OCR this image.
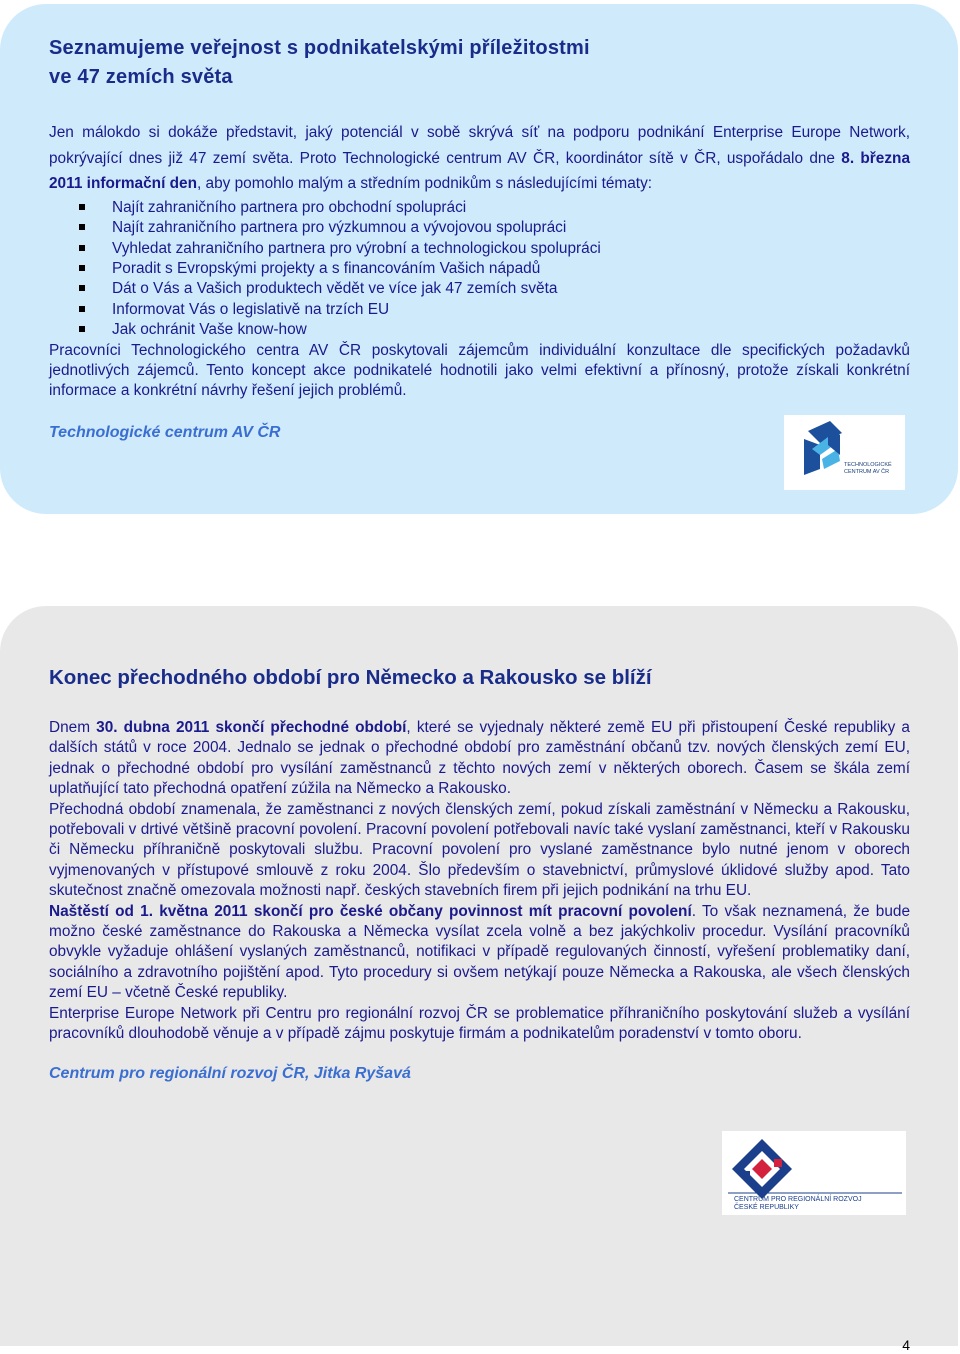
Seznamujeme veřejnost s podnikatelskými příležitostmi
ve 47 zemích světa

Jen málokdo si dokáže představit, jaký potenciál v sobě skrývá síť na podporu podnikání Enterprise Europe Network, pokrývající dnes již 47 zemí světa. Proto Technologické centrum AV ČR, koordinátor sítě v ČR, uspořádalo dne 8. března 2011 informační den, aby pomohlo malým a středním podnikům s následujícími tématy:

Najít zahraničního partnera pro obchodní spolupráci
Najít zahraničního partnera pro výzkumnou a vývojovou spolupráci
Vyhledat zahraničního partnera pro výrobní a technologickou spolupráci
Poradit s Evropskými projekty a s financováním Vašich nápadů
Dát o Vás a Vašich produktech vědět ve více jak 47 zemích světa
Informovat Vás o legislativě na trzích EU
Jak ochránit Vaše know-how

Pracovníci Technologického centra AV ČR poskytovali zájemcům individuální konzultace dle specifických požadavků jednotlivých zájemců. Tento koncept akce podnikatelé hodnotili jako velmi efektivní a přínosný, protože získali konkrétní informace a konkrétní návrhy řešení jejich problémů.

Technologické centrum AV ČR
TECHNOLOGICKÉ
CENTRUM AV ČR
Konec přechodného období pro Německo a Rakousko se blíží

Dnem 30. dubna 2011 skončí přechodné období, které se vyjednaly některé země EU při přistoupení České republiky a dalších států v roce 2004. Jednalo se jednak o přechodné období pro zaměstnání občanů tzv. nových členských zemí EU, jednak o přechodné období pro vysílání zaměstnanců z těchto nových zemí v některých oborech. Časem se škála zemí uplatňující tato přechodná opatření zúžila na Německo a Rakousko.

Přechodná období znamenala, že zaměstnanci z nových členských zemí, pokud získali zaměstnání v Německu a Rakousku, potřebovali v drtivé většině pracovní povolení. Pracovní povolení potřebovali navíc také vyslaní zaměstnanci, kteří v Rakousku či Německu příhraničně poskytovali službu. Pracovní povolení pro vyslané zaměstnance bylo nutné jenom v oborech vyjmenovaných v přístupové smlouvě z roku 2004. Šlo především o stavebnictví, průmyslové úklidové služby apod. Tato skutečnost značně omezovala možnosti např. českých stavebních firem při jejich podnikání na trhu EU.

Naštěstí od 1. května 2011 skončí pro české občany povinnost mít pracovní povolení. To však neznamená, že bude možno české zaměstnance do Rakouska a Německa vysílat zcela volně a bez jakýchkoliv procedur. Vysílání pracovníků obvykle vyžaduje ohlášení vyslaných zaměstnanců, notifikaci v případě regulovaných činností, vyřešení problematiky daní, sociálního a zdravotního pojištění apod. Tyto procedury si ovšem netýkají pouze Německa a Rakouska, ale všech členských zemí EU – včetně České republiky.

Enterprise Europe Network při Centru pro regionální rozvoj ČR se problematice příhraničního poskytování služeb a vysílání pracovníků dlouhodobě věnuje a v případě zájmu poskytuje firmám a podnikatelům poradenství v tomto oboru.

Centrum pro regionální rozvoj ČR, Jitka Ryšavá
CENTRUM PRO REGIONÁLNÍ ROZVOJ
ČESKÉ REPUBLIKY
4
